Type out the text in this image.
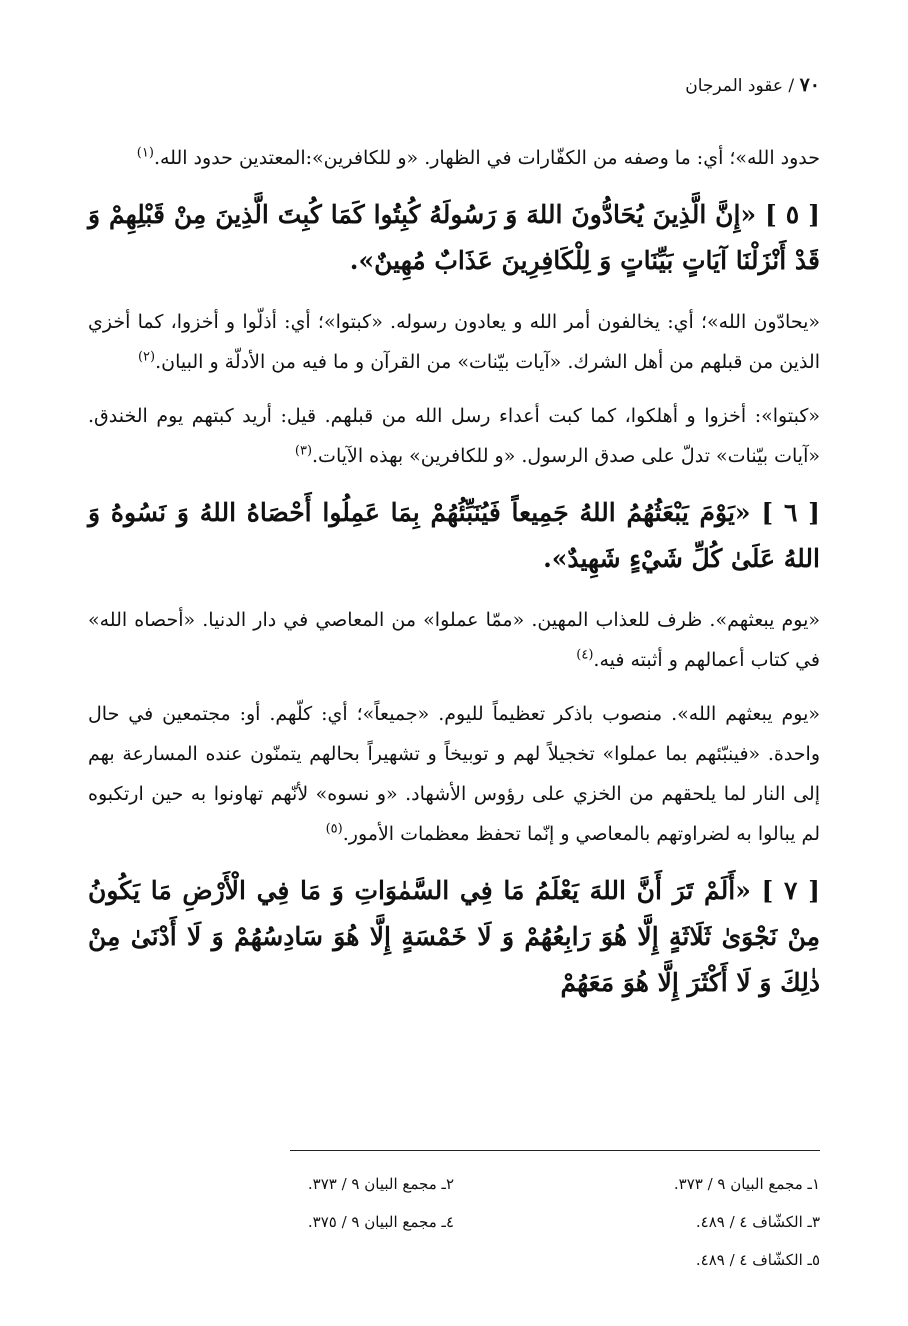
٧٠ / عقود المرجان
حدود الله»؛ أي: ما وصفه من الكفّارات في الظهار. «و للكافرين»:المعتدين حدود الله.$^{(١)}$
[ ٥ ] «إِنَّ الَّذِينَ يُحَادُّونَ اللهَ وَ رَسُولَهُ كُبِتُوا كَمَا كُبِتَ الَّذِينَ مِنْ قَبْلِهِمْ وَ قَدْ أَنْزَلْنَا آيَاتٍ بَيِّنَاتٍ وَ لِلْكَافِرِينَ عَذَابٌ مُهِينٌ».
«يحادّون الله»؛ أي: يخالفون أمر الله و يعادون رسوله. «كبتوا»؛ أي: أذلّوا و أخزوا، كما أخزي الذين من قبلهم من أهل الشرك. «آيات بيّنات» من القرآن و ما فيه من الأدلّة و البيان.$^{(٢)}$
«كبتوا»: أخزوا و أهلكوا، كما كبت أعداء رسل الله من قبلهم. قيل: أريد كبتهم يوم الخندق. «آيات بيّنات» تدلّ على صدق الرسول. «و للكافرين» بهذه الآيات.$^{(٣)}$
[ ٦ ] «يَوْمَ يَبْعَثُهُمُ اللهُ جَمِيعاً فَيُنَبِّئُهُمْ بِمَا عَمِلُوا أَحْصَاهُ اللهُ وَ نَسُوهُ وَ اللهُ عَلَىٰ كُلِّ شَيْءٍ شَهِيدٌ».
«يوم يبعثهم». ظرف للعذاب المهين. «ممّا عملوا» من المعاصي في دار الدنيا. «أحصاه الله» في كتاب أعمالهم و أثبته فيه.$^{(٤)}$
«يوم يبعثهم الله». منصوب باذكر تعظيماً لليوم. «جميعاً»؛ أي: كلّهم. أو: مجتمعين في حال واحدة. «فينبّئهم بما عملوا» تخجيلاً لهم و توبيخاً و تشهيراً بحالهم يتمنّون عنده المسارعة بهم إلى النار لما يلحقهم من الخزي على رؤوس الأشهاد. «و نسوه» لأنّهم تهاونوا به حين ارتكبوه لم يبالوا به لضراوتهم بالمعاصي و إنّما تحفظ معظمات الأمور.$^{(٥)}$
[ ٧ ] «أَلَمْ تَرَ أَنَّ اللهَ يَعْلَمُ مَا فِي السَّمٰوَاتِ وَ مَا فِي الْأَرْضِ مَا يَكُونُ مِنْ نَجْوَىٰ ثَلَاثَةٍ إِلَّا هُوَ رَابِعُهُمْ وَ لَا خَمْسَةٍ إِلَّا هُوَ سَادِسُهُمْ وَ لَا أَدْنَىٰ مِنْ ذٰلِكَ وَ لَا أَكْثَرَ إِلَّا هُوَ مَعَهُمْ
١ـ مجمع البيان ٩ / ٣٧٣.
٢ـ مجمع البيان ٩ / ٣٧٣.
٣ـ الكشّاف ٤ / ٤٨٩.
٤ـ مجمع البيان ٩ / ٣٧٥.
٥ـ الكشّاف ٤ / ٤٨٩.
